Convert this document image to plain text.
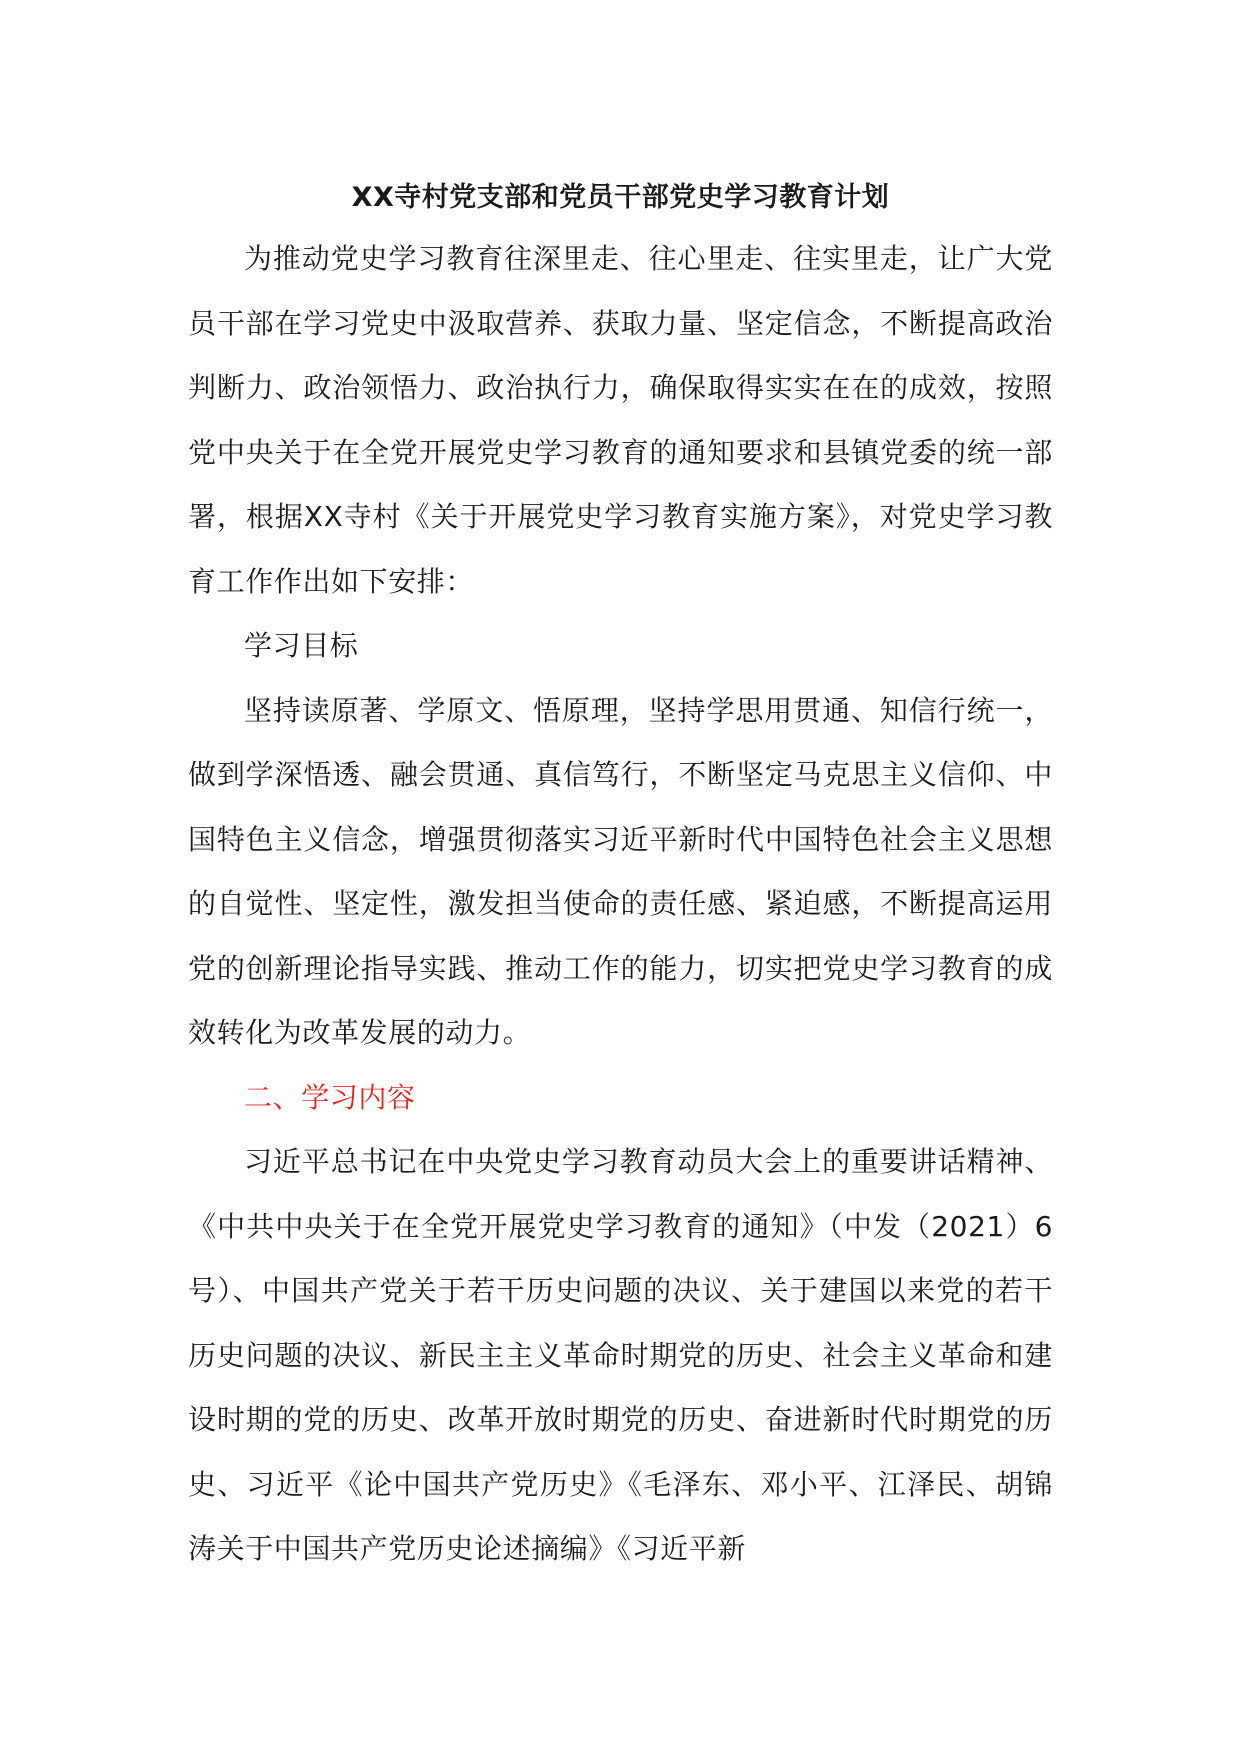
XX寺村党支部和党员干部党史学习教育计划

为推动党史学习教育往深里走、往心里走、往实里走，让广大党员干部在学习党史中汲取营养、获取力量、坚定信念，不断提高政治判断力、政治领悟力、政治执行力，确保取得实实在在的成效，按照党中央关于在全党开展党史学习教育的通知要求和县镇党委的统一部署，根据XX寺村《关于开展党史学习教育实施方案》，对党史学习教育工作作出如下安排：

学习目标

坚持读原著、学原文、悟原理，坚持学思用贯通、知信行统一，做到学深悟透、融会贯通、真信笃行，不断坚定马克思主义信仰、中国特色主义信念，增强贯彻落实习近平新时代中国特色社会主义思想的自觉性、坚定性，激发担当使命的责任感、紧迫感，不断提高运用党的创新理论指导实践、推动工作的能力，切实把党史学习教育的成效转化为改革发展的动力。

二、学习内容

习近平总书记在中央党史学习教育动员大会上的重要讲话精神、《中共中央关于在全党开展党史学习教育的通知》（中发（2021）6号）、中国共产党关于若干历史问题的决议、关于建国以来党的若干历史问题的决议、新民主主义革命时期党的历史、社会主义革命和建设时期的党的历史、改革开放时期党的历史、奋进新时代时期党的历史、习近平《论中国共产党历史》《毛泽东、邓小平、江泽民、胡锦涛关于中国共产党历史论述摘编》《习近平新
